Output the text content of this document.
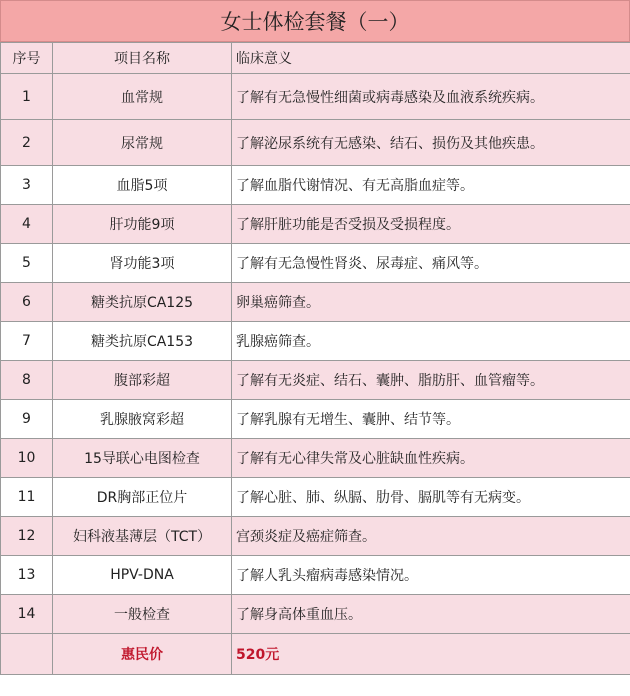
女士体检套餐（一）
序号	项目名称	临床意义
1	血常规	了解有无急慢性细菌或病毒感染及血液系统疾病。
2	尿常规	了解泌尿系统有无感染、结石、损伤及其他疾患。
3	血脂5项	了解血脂代谢情况、有无高脂血症等。
4	肝功能9项	了解肝脏功能是否受损及受损程度。
5	肾功能3项	了解有无急慢性肾炎、尿毒症、痛风等。
6	糖类抗原CA125	卵巢癌筛查。
7	糖类抗原CA153	乳腺癌筛查。
8	腹部彩超	了解有无炎症、结石、囊肿、脂肪肝、血管瘤等。
9	乳腺腋窝彩超	了解乳腺有无增生、囊肿、结节等。
10	15导联心电图检查	了解有无心律失常及心脏缺血性疾病。
11	DR胸部正位片	了解心脏、肺、纵膈、肋骨、膈肌等有无病变。
12	妇科液基薄层（TCT）	宫颈炎症及癌症筛查。
13	HPV-DNA	了解人乳头瘤病毒感染情况。
14	一般检查	了解身高体重血压。
	惠民价	520元
